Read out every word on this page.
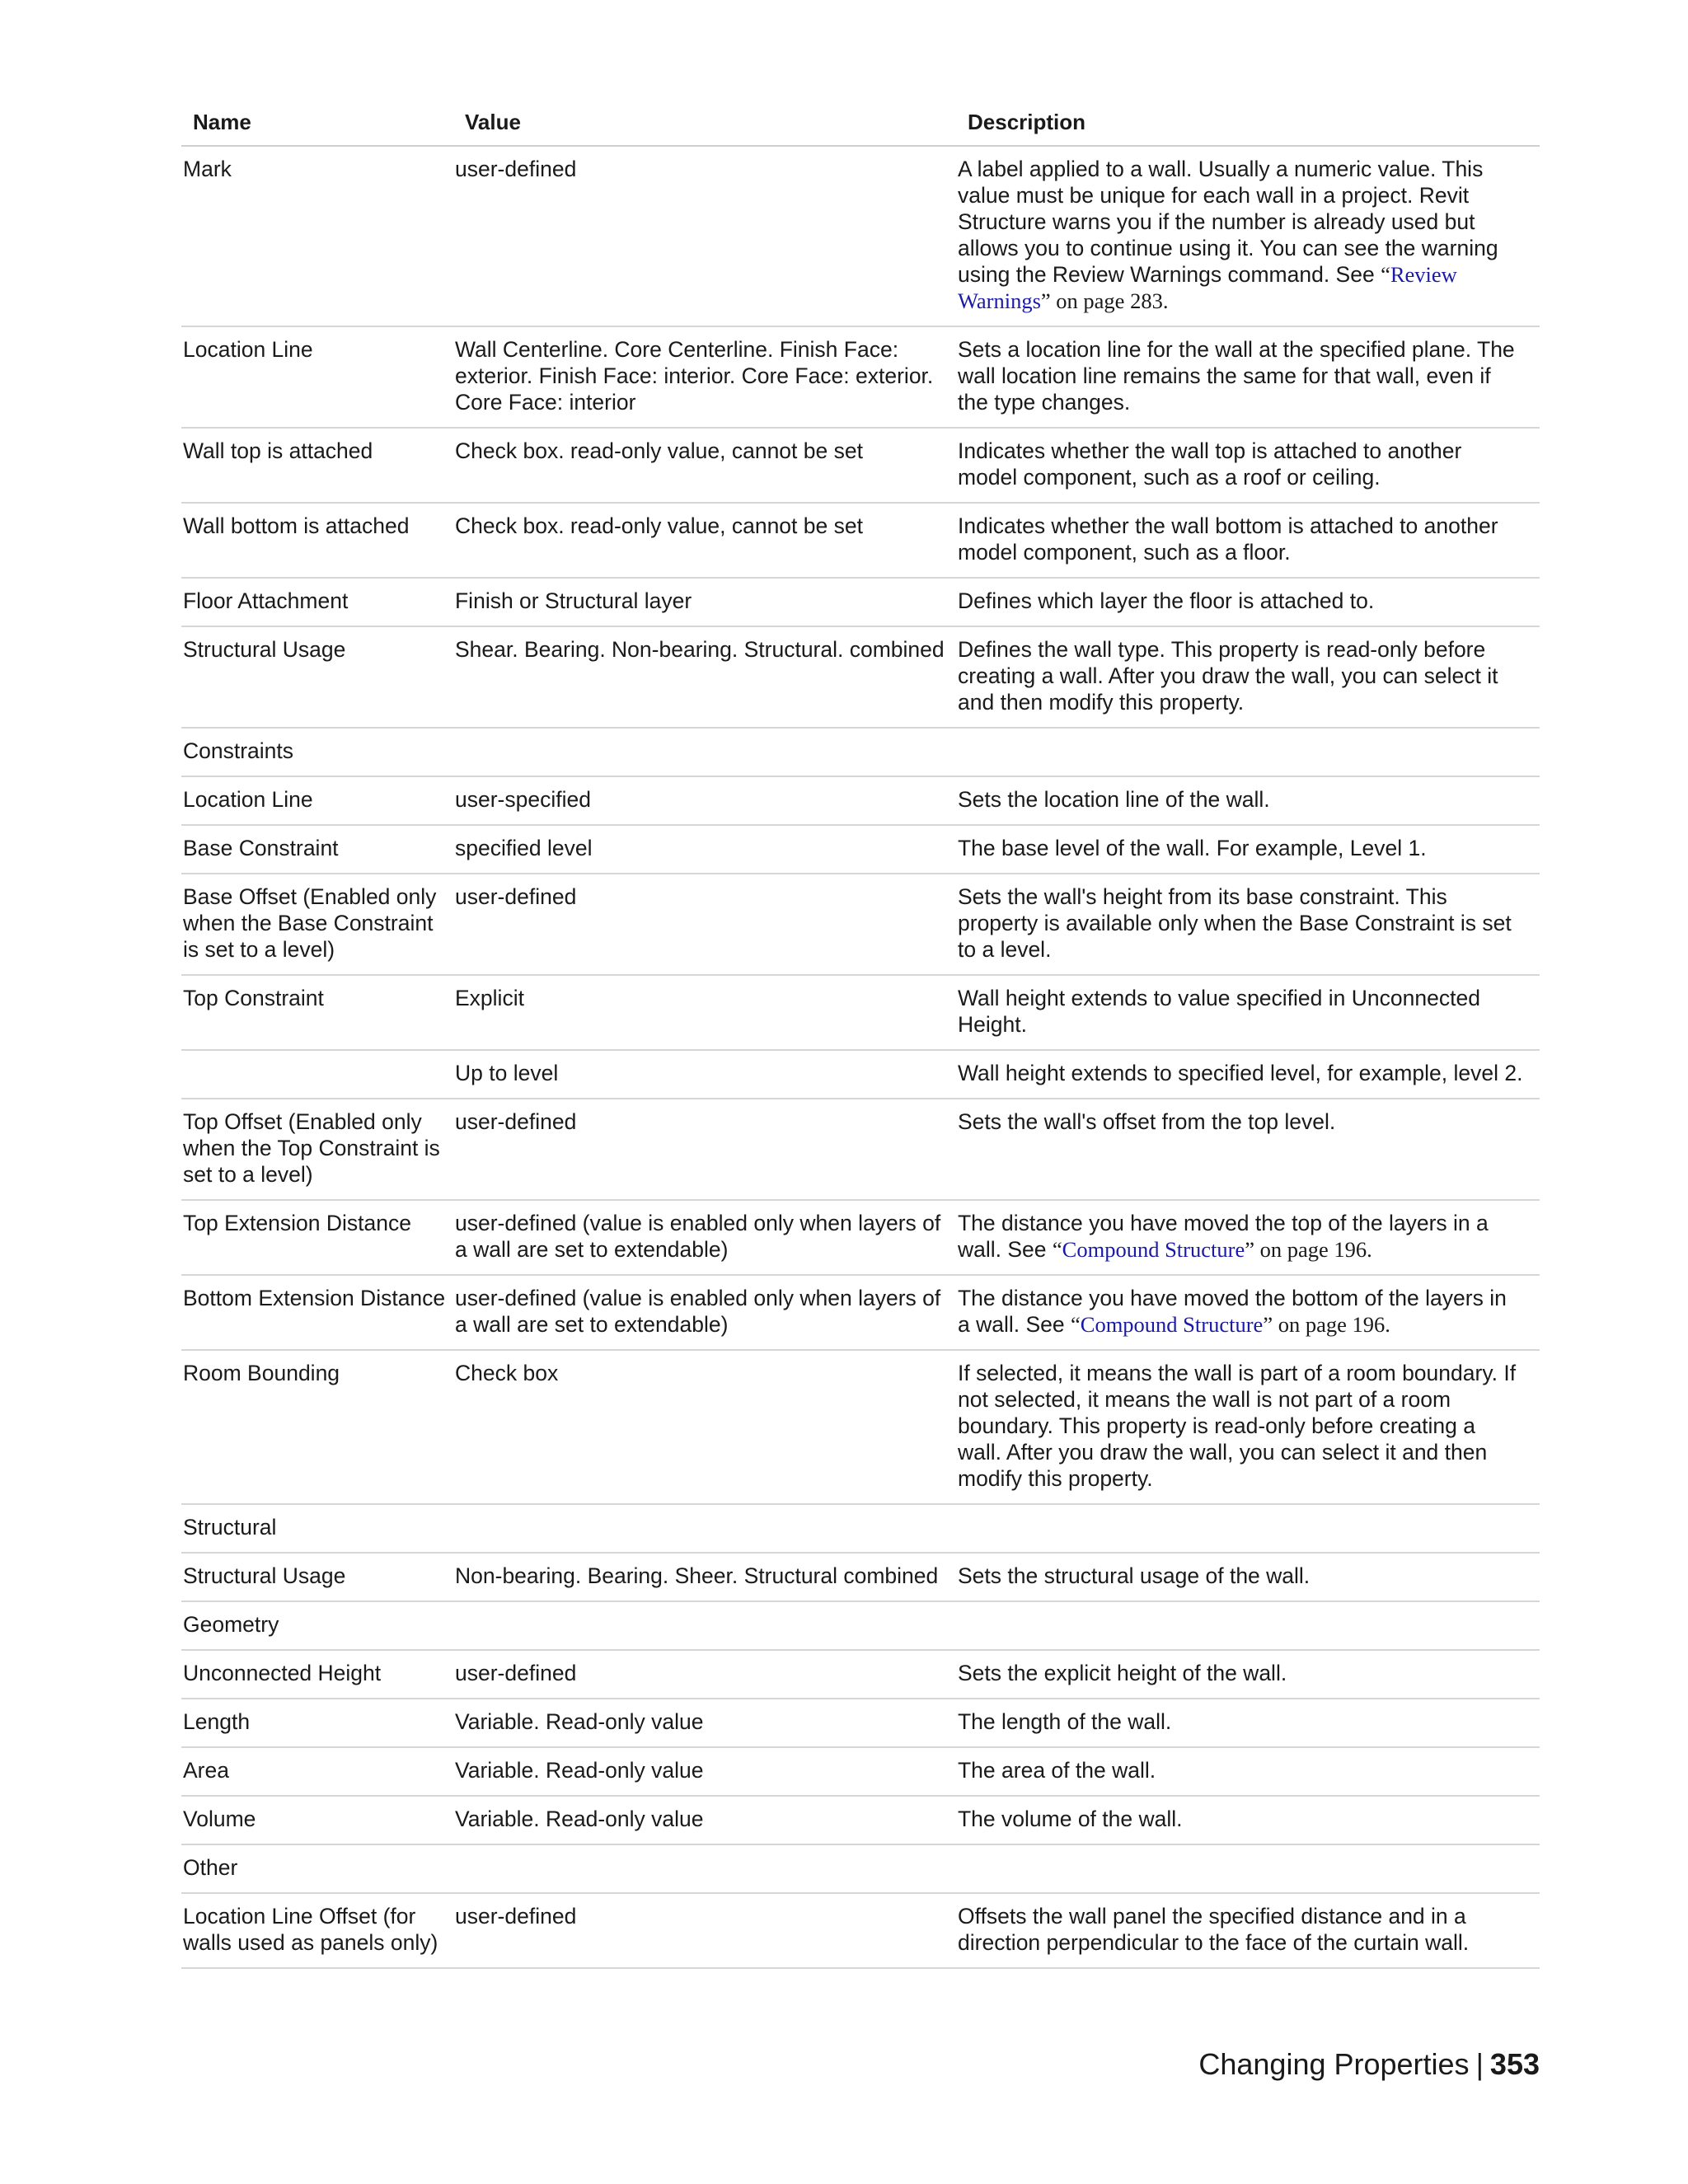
Name	Value	Description
Mark	user-defined	A label applied to a wall. Usually a numeric value. This value must be unique for each wall in a project. Revit Structure warns you if the number is already used but allows you to continue using it. You can see the warning using the Review Warnings command. See “Review Warnings” on page 283.
Location Line	Wall Centerline. Core Centerline. Finish Face: exterior. Finish Face: interior. Core Face: exterior. Core Face: interior	Sets a location line for the wall at the specified plane. The wall location line remains the same for that wall, even if the type changes.
Wall top is attached	Check box. read-only value, cannot be set	Indicates whether the wall top is attached to another model component, such as a roof or ceiling.
Wall bottom is attached	Check box. read-only value, cannot be set	Indicates whether the wall bottom is attached to another model component, such as a floor.
Floor Attachment	Finish or Structural layer	Defines which layer the floor is attached to.
Structural Usage	Shear. Bearing. Non-bearing. Structural. combined	Defines the wall type. This property is read-only before creating a wall. After you draw the wall, you can select it and then modify this property.
Constraints		
Location Line	user-specified	Sets the location line of the wall.
Base Constraint	specified level	The base level of the wall. For example, Level 1.
Base Offset (Enabled only when the Base Constraint is set to a level)	user-defined	Sets the wall's height from its base constraint. This property is available only when the Base Constraint is set to a level.
Top Constraint	Explicit	Wall height extends to value specified in Unconnected Height.
	Up to level	Wall height extends to specified level, for example, level 2.
Top Offset (Enabled only when the Top Constraint is set to a level)	user-defined	Sets the wall's offset from the top level.
Top Extension Distance	user-defined (value is enabled only when layers of a wall are set to extendable)	The distance you have moved the top of the layers in a wall. See “Compound Structure” on page 196.
Bottom Extension Distance	user-defined (value is enabled only when layers of a wall are set to extendable)	The distance you have moved the bottom of the layers in a wall. See “Compound Structure” on page 196.
Room Bounding	Check box	If selected, it means the wall is part of a room boundary. If not selected, it means the wall is not part of a room boundary. This property is read-only before creating a wall. After you draw the wall, you can select it and then modify this property.
Structural		
Structural Usage	Non-bearing. Bearing. Sheer. Structural combined	Sets the structural usage of the wall.
Geometry		
Unconnected Height	user-defined	Sets the explicit height of the wall.
Length	Variable. Read-only value	The length of the wall.
Area	Variable. Read-only value	The area of the wall.
Volume	Variable. Read-only value	The volume of the wall.
Other		
Location Line Offset (for walls used as panels only)	user-defined	Offsets the wall panel the specified distance and in a direction perpendicular to the face of the curtain wall.
Changing Properties | 353
